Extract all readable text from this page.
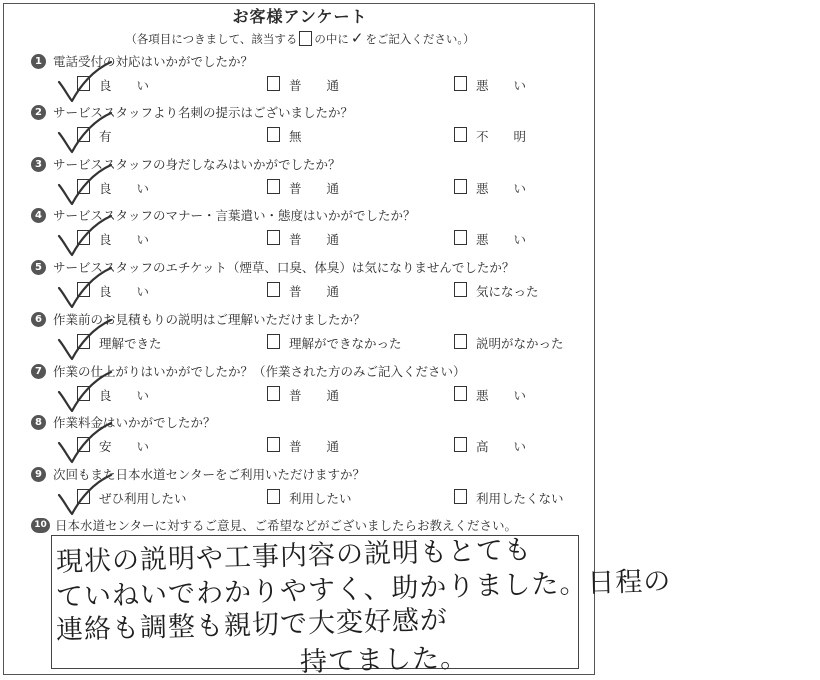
お客様アンケート
（各項目につきまして、該当する の中に ✓ をご記入ください。）
1 電話受付の対応はいかがでしたか？
良　　い	普　　通	悪　　い
2 サービススタッフより名刺の提示はございましたか？
有	無	不　　明
3 サービススタッフの身だしなみはいかがでしたか？
良　　い	普　　通	悪　　い
4 サービススタッフのマナー・言葉遣い・態度はいかがでしたか？
良　　い	普　　通	悪　　い
5 サービススタッフのエチケット（煙草、口臭、体臭）は気になりませんでしたか？
良　　い	普　　通	気になった
6 作業前のお見積もりの説明はご理解いただけましたか？
理解できた	理解ができなかった	説明がなかった
7 作業の仕上がりはいかがでしたか？（作業された方のみご記入ください）
良　　い	普　　通	悪　　い
8 作業料金はいかがでしたか？
安　　い	普　　通	高　　い
9 次回もまた日本水道センターをご利用いただけますか？
ぜひ利用したい	利用したい	利用したくない
10 日本水道センターに対するご意見、ご希望などがございましたらお教えください。
現状の説明や工事内容の説明もとても
ていねいでわかりやすく、助かりました。日程の
連絡も調整も親切で大変好感が
持てました。
